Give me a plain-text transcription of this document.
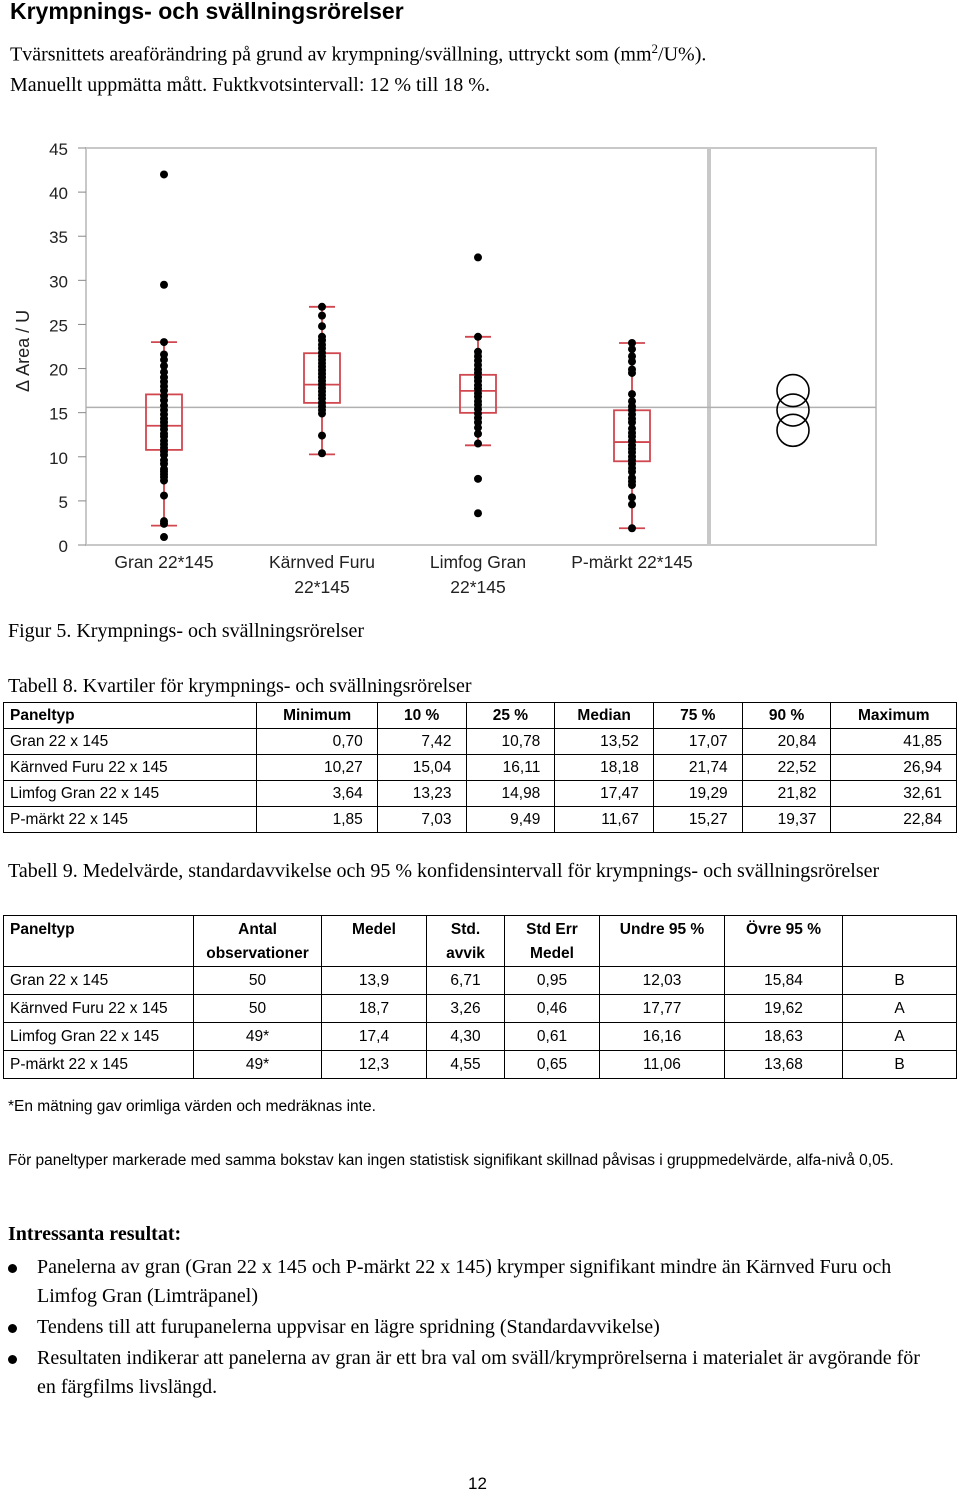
Krympnings- och svällningsrörelser
Tvärsnittets areaförändring på grund av krympning/svällning, uttryckt som $(mm^2/U\%)$.
Manuellt uppmätta mått. Fuktkvotsintervall: 12 % till 18 %.
0
5
10
15
20
25
30
35
40
45
Δ Area / U
Gran 22*145	Kärnved Furu
22*145
Limfog Gran
22*145
P-märkt 22*145
Figur 5. Krympnings- och svällningsrörelser
Tabell 8. Kvartiler för krympnings- och svällningsrörelser
Paneltyp	Minimum	10 %	25 %	Median	75 %	90 %	Maximum
Gran 22 x 145	0,70	7,42	10,78	13,52	17,07	20,84	41,85
Kärnved Furu 22 x 145	10,27	15,04	16,11	18,18	21,74	22,52	26,94
Limfog Gran 22 x 145	3,64	13,23	14,98	17,47	19,29	21,82	32,61
P-märkt 22 x 145	1,85	7,03	9,49	11,67	15,27	19,37	22,84
Tabell 9. Medelvärde, standardavvikelse och 95 % konfidensintervall för krympnings- och svällningsrörelser
Paneltyp	Antal observationer	Medel	Std. avvik	Std Err Medel	Undre 95 %	Övre 95 %	
Gran 22 x 145	50	13,9	6,71	0,95	12,03	15,84	B
Kärnved Furu 22 x 145	50	18,7	3,26	0,46	17,77	19,62	A
Limfog Gran 22 x 145	49*	17,4	4,30	0,61	16,16	18,63	A
P-märkt 22 x 145	49*	12,3	4,55	0,65	11,06	13,68	B
*En mätning gav orimliga värden och medräknas inte.
För paneltyper markerade med samma bokstav kan ingen statistisk signifikant skillnad påvisas i gruppmedelvärde, alfa-nivå 0,05.
Intressanta resultat:
Panelerna av gran (Gran 22 x 145 och P-märkt 22 x 145) krymper signifikant mindre än Kärnved Furu och Limfog Gran (Limträpanel)
Tendens till att furupanelerna uppvisar en lägre spridning (Standardavvikelse)
Resultaten indikerar att panelerna av gran är ett bra val om sväll/krymprörelserna i materialet är avgörande för en färgfilms livslängd.
12
